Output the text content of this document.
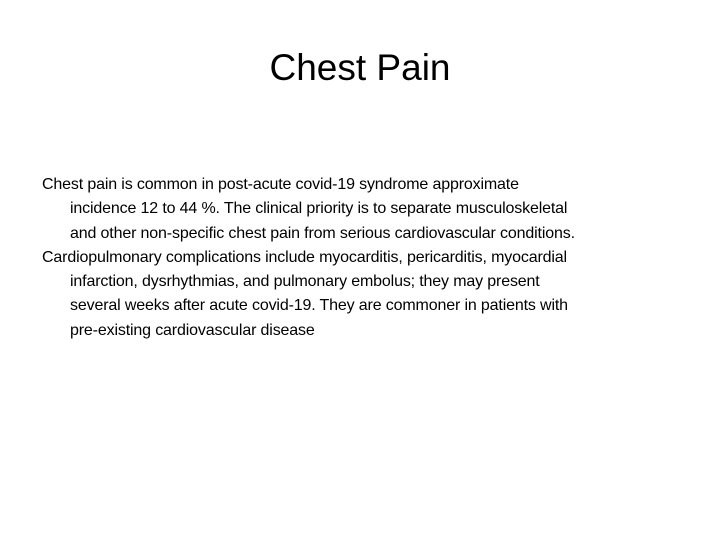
Chest Pain
Chest pain is common in post-acute covid-19 syndrome approximate
incidence 12 to 44 %. The clinical priority is to separate musculoskeletal
and other non-specific chest pain from serious cardiovascular conditions.
Cardiopulmonary complications include myocarditis, pericarditis, myocardial
infarction, dysrhythmias, and pulmonary embolus; they may present
several weeks after acute covid-19. They are commoner in patients with
pre-existing cardiovascular disease
